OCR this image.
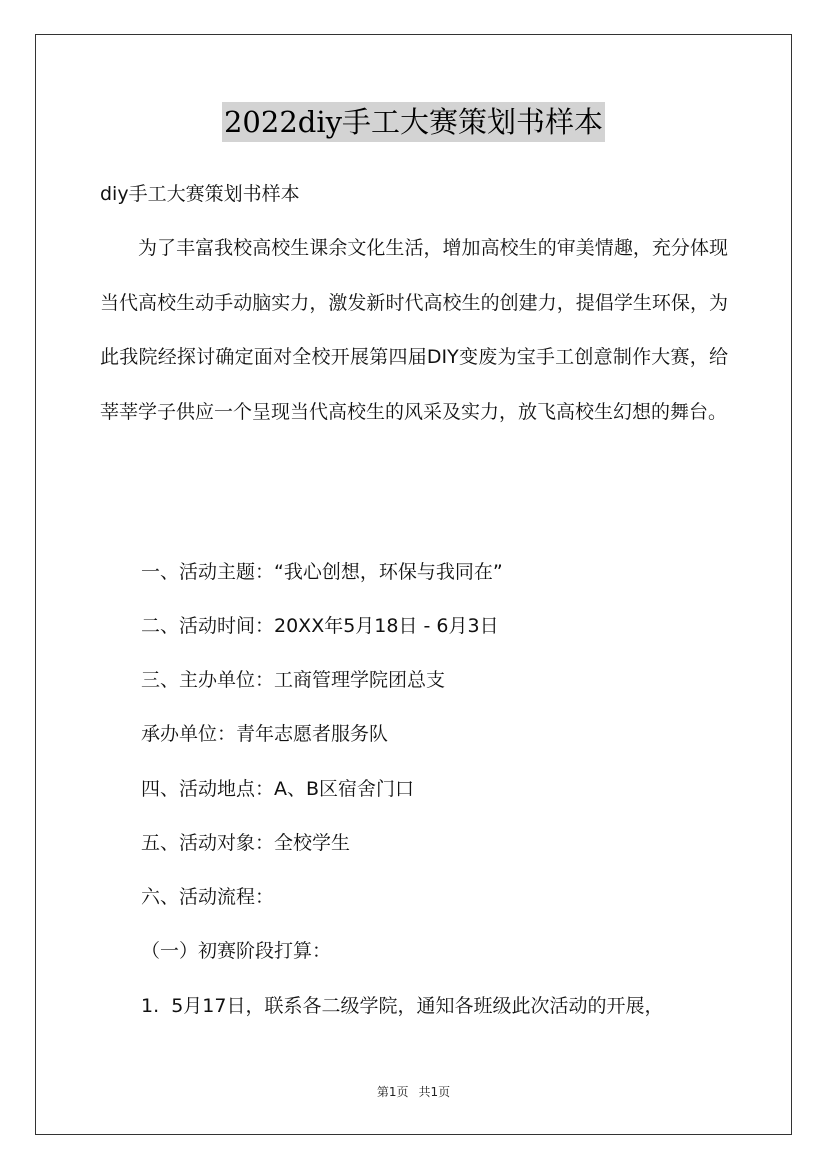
2022diy手工大赛策划书样本
diy手工大赛策划书样本
为了丰富我校高校生课余文化生活，增加高校生的审美情趣，充分体现当代高校生动手动脑实力，激发新时代高校生的创建力，提倡学生环保，为此我院经探讨确定面对全校开展第四届DIY变废为宝手工创意制作大赛，给莘莘学子供应一个呈现当代高校生的风采及实力，放飞高校生幻想的舞台。
一、活动主题：“我心创想，环保与我同在”
二、活动时间：20XX年5月18日 - 6月3日
三、主办单位：工商管理学院团总支
承办单位：青年志愿者服务队
四、活动地点：A、B区宿舍门口
五、活动对象：全校学生
六、活动流程：
（一）初赛阶段打算：
1.  5月17日，联系各二级学院，通知各班级此次活动的开展，
第1页 共1页
